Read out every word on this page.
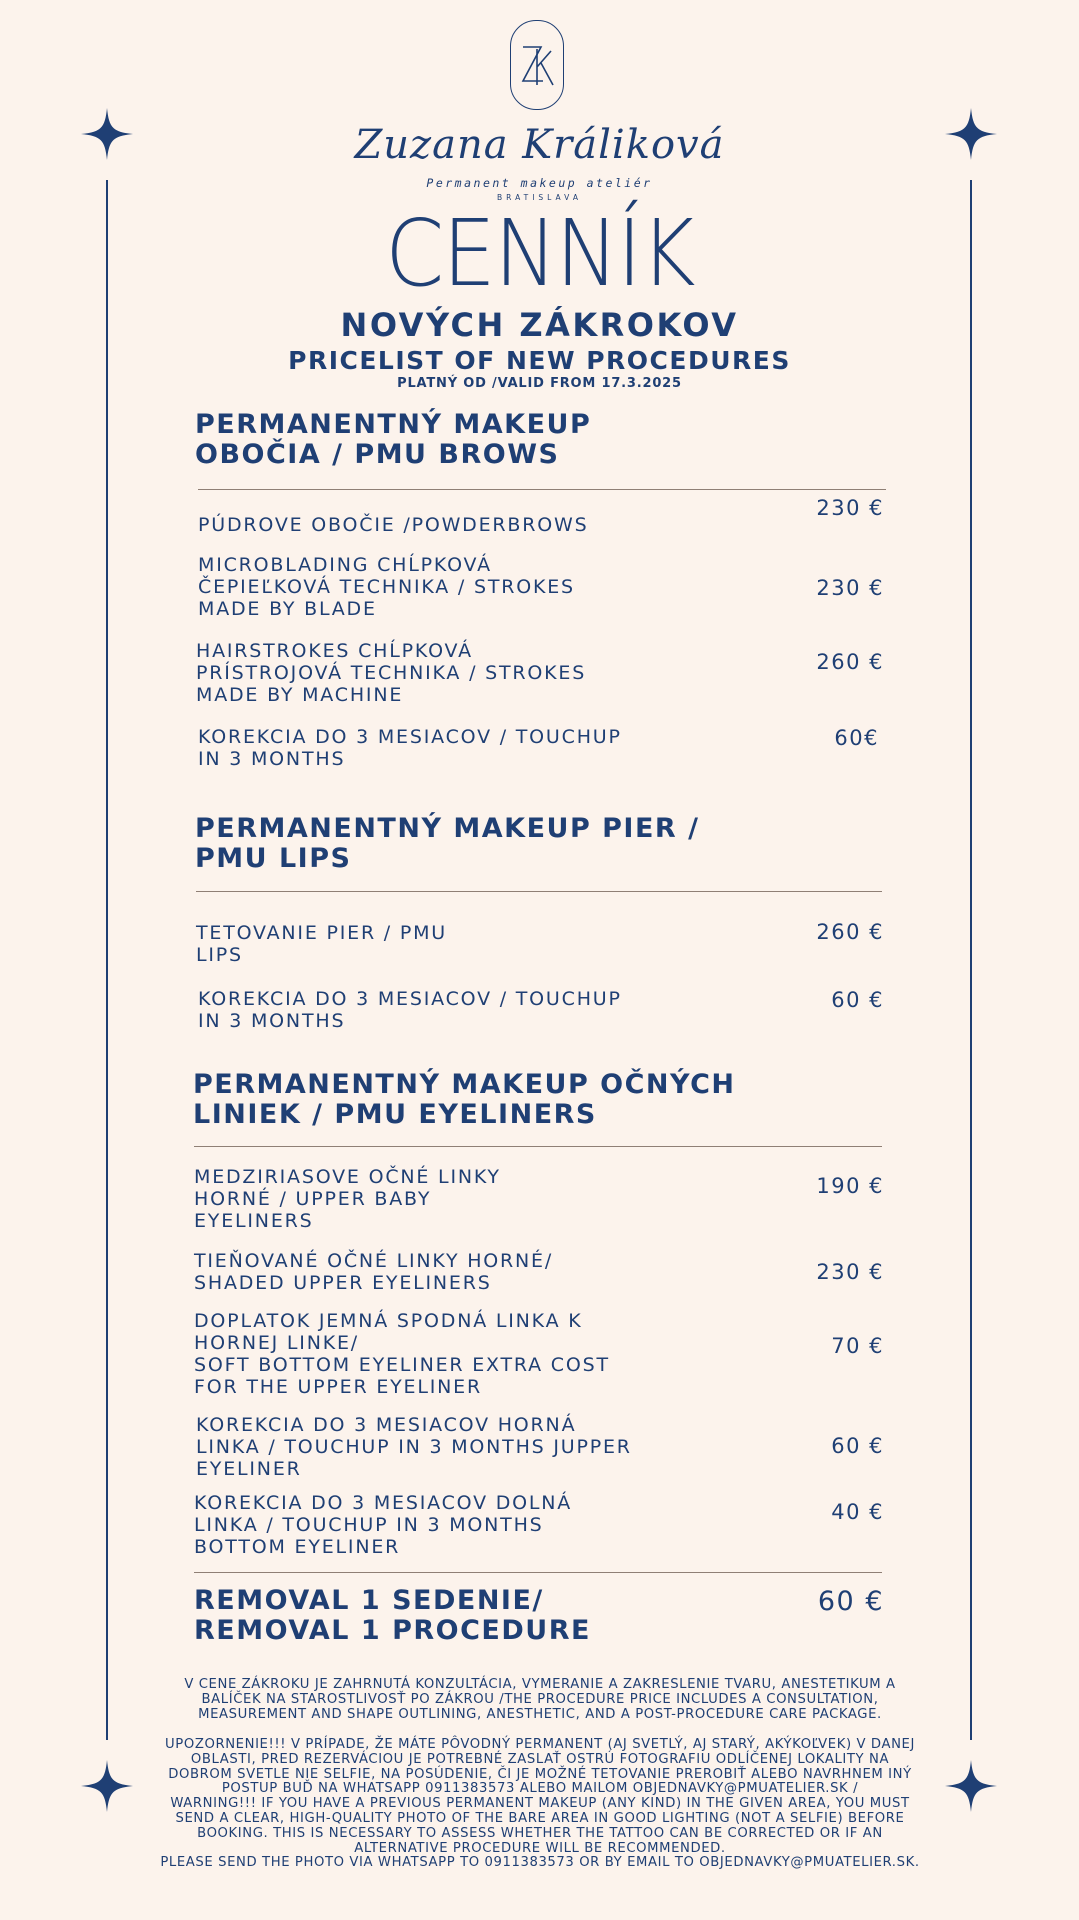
Zuzana Králiková
Permanent makeup ateliér
BRATISLAVA
CENNÍK
NOVÝCH ZÁKROKOV
PRICELIST OF NEW PROCEDURES
PLATNÝ OD /VALID FROM 17.3.2025
PERMANENTNÝ MAKEUP
OBOČIA / PMU BROWS
PÚDROVE OBOČIE /POWDERBROWS
230 €
MICROBLADING CHĹPKOVÁ
ČEPIEĽKOVÁ TECHNIKA / STROKES
MADE BY BLADE
230 €
HAIRSTROKES CHĹPKOVÁ
PRÍSTROJOVÁ TECHNIKA / STROKES
MADE BY MACHINE
260 €
KOREKCIA DO 3 MESIACOV / TOUCHUP
IN 3 MONTHS
60€
PERMANENTNÝ MAKEUP PIER /
PMU LIPS
TETOVANIE PIER / PMU
LIPS
260 €
KOREKCIA DO 3 MESIACOV / TOUCHUP
IN 3 MONTHS
60 €
PERMANENTNÝ MAKEUP OČNÝCH
LINIEK / PMU EYELINERS
MEDZIRIASOVE OČNÉ LINKY
HORNÉ / UPPER BABY
EYELINERS
190 €
TIEŇOVANÉ OČNÉ LINKY HORNÉ/
SHADED UPPER EYELINERS	230 €
DOPLATOK JEMNÁ SPODNÁ LINKA K
HORNEJ LINKE/
SOFT BOTTOM EYELINER EXTRA COST
FOR THE UPPER EYELINER
70 €
KOREKCIA DO 3 MESIACOV HORNÁ
LINKA / TOUCHUP IN 3 MONTHS JUPPER
EYELINER
60 €
KOREKCIA DO 3 MESIACOV DOLNÁ
LINKA / TOUCHUP IN 3 MONTHS
BOTTOM EYELINER
40 €
REMOVAL 1 SEDENIE/
REMOVAL 1 PROCEDURE
60 €
V CENE ZÁKROKU JE ZAHRNUTÁ KONZULTÁCIA, VYMERANIE A ZAKRESLENIE TVARU, ANESTETIKUM A
BALÍČEK NA STAROSTLIVOSŤ PO ZÁKROU /THE PROCEDURE PRICE INCLUDES A CONSULTATION,
MEASUREMENT AND SHAPE OUTLINING, ANESTHETIC, AND A POST-PROCEDURE CARE PACKAGE.
UPOZORNENIE!!! V PRÍPADE, ŽE MÁTE PÔVODNÝ PERMANENT (AJ SVETLÝ, AJ STARÝ, AKÝKOĽVEK) V DANEJ
OBLASTI, PRED REZERVÁCIOU JE POTREBNÉ ZASLAŤ OSTRÚ FOTOGRAFIU ODLÍČENEJ LOKALITY NA
DOBROM SVETLE NIE SELFIE, NA POSÚDENIE, ČI JE MOŽNÉ TETOVANIE PREROBIŤ ALEBO NAVRHNEM INÝ
POSTUP BUĎ NA WHATSAPP 0911383573 ALEBO MAILOM OBJEDNAVKY@PMUATELIER.SK /
WARNING!!! IF YOU HAVE A PREVIOUS PERMANENT MAKEUP (ANY KIND) IN THE GIVEN AREA, YOU MUST
SEND A CLEAR, HIGH-QUALITY PHOTO OF THE BARE AREA IN GOOD LIGHTING (NOT A SELFIE) BEFORE
BOOKING. THIS IS NECESSARY TO ASSESS WHETHER THE TATTOO CAN BE CORRECTED OR IF AN
ALTERNATIVE PROCEDURE WILL BE RECOMMENDED.
PLEASE SEND THE PHOTO VIA WHATSAPP TO 0911383573 OR BY EMAIL TO OBJEDNAVKY@PMUATELIER.SK.
